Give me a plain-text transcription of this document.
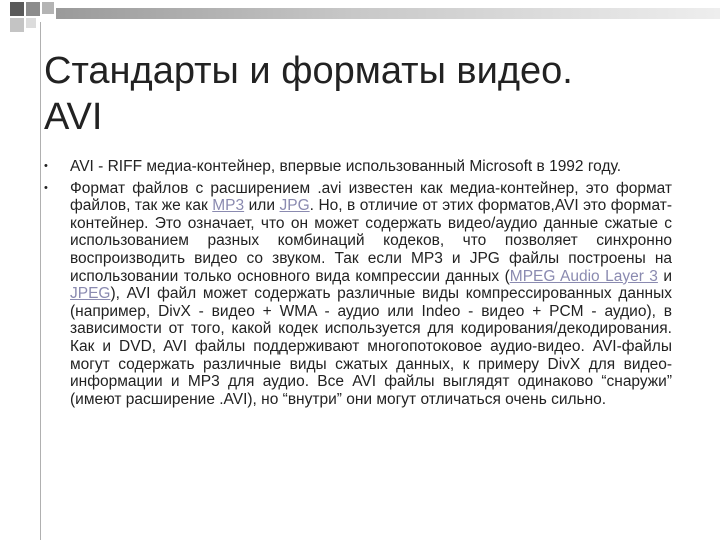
Стандарты и форматы видео.
AVI
• AVI - RIFF медиа-контейнер, впервые использованный Microsoft в 1992 году.
• Формат файлов с расширением .avi известен как медиа-контейнер, это формат файлов, так же как MP3 или JPG. Но, в отличие от этих форматов,AVI это формат-контейнер. Это означает, что он может содержать видео/аудио данные сжатые с использованием разных комбинаций кодеков, что позволяет синхронно воспроизводить видео со звуком. Так если MP3 и JPG файлы построены на использовании только основного вида компрессии данных (MPEG Audio Layer 3 и JPEG), AVI файл может содержать различные виды компрессированных данных (например, DivX - видео + WMA - аудио или Indeo - видео + PCM - аудио), в зависимости от того, какой кодек используется для кодирования/декодирования. Как и DVD, AVI файлы поддерживают многопотоковое аудио-видео. AVI-файлы могут содержать различные виды сжатых данных, к примеру DivX для видео-информации и MP3 для аудио. Все AVI файлы выглядят одинаково “снаружи” (имеют расширение .AVI), но “внутри” они могут отличаться очень сильно.
